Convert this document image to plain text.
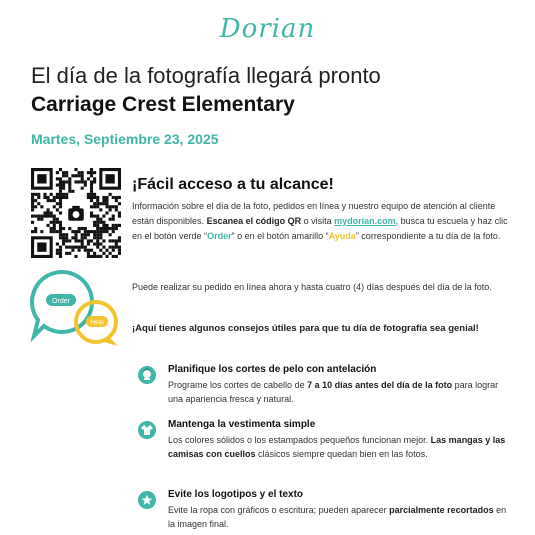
Dorian
El día de la fotografía llegará pronto
Carriage Crest Elementary
Martes, Septiembre 23, 2025
Order
Help
¡Fácil acceso a tu alcance!
Información sobre el día de la foto, pedidos en línea y nuestro equipo de atención al cliente están disponibles. Escanea el código QR o visita mydorian.com, busca tu escuela y haz clic en el botón verde “Order” o en el botón amarillo “Ayuda” correspondiente a tu día de la foto.
Puede realizar su pedido en línea ahora y hasta cuatro (4) días después del día de la foto.
¡Aquí tienes algunos consejos útiles para que tu día de fotografía sea genial!
Planifique los cortes de pelo con antelación
Programe los cortes de cabello de 7 a 10 días antes del día de la foto para lograr una apariencia fresca y natural.
Mantenga la vestimenta simple
Los colores sólidos o los estampados pequeños funcionan mejor. Las mangas y las camisas con cuellos clásicos siempre quedan bien en las fotos.
Evite los logotipos y el texto
Evite la ropa con gráficos o escritura; pueden aparecer parcialmente recortados en la imagen final.
